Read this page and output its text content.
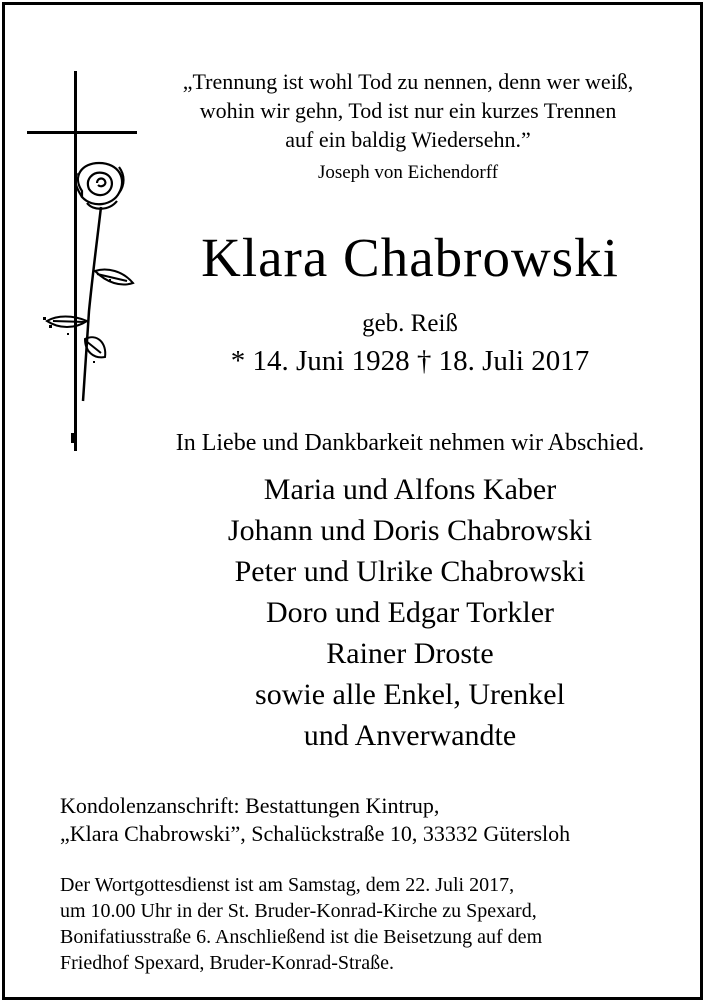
„Trennung ist wohl Tod zu nennen, denn wer weiß,
wohin wir gehn, Tod ist nur ein kurzes Trennen
auf ein baldig Wiedersehn.”
Joseph von Eichendorff
Klara Chabrowski
geb. Reiß
* 14. Juni 1928 † 18. Juli 2017
In Liebe und Dankbarkeit nehmen wir Abschied.
Maria und Alfons Kaber
Johann und Doris Chabrowski
Peter und Ulrike Chabrowski
Doro und Edgar Torkler
Rainer Droste
sowie alle Enkel, Urenkel
und Anverwandte
Kondolenzanschrift: Bestattungen Kintrup,
„Klara Chabrowski”, Schalückstraße 10, 33332 Gütersloh
Der Wortgottesdienst ist am Samstag, dem 22. Juli 2017,
um 10.00 Uhr in der St. Bruder-Konrad-Kirche zu Spexard,
Bonifatiusstraße 6. Anschließend ist die Beisetzung auf dem
Friedhof Spexard, Bruder-Konrad-Straße.
